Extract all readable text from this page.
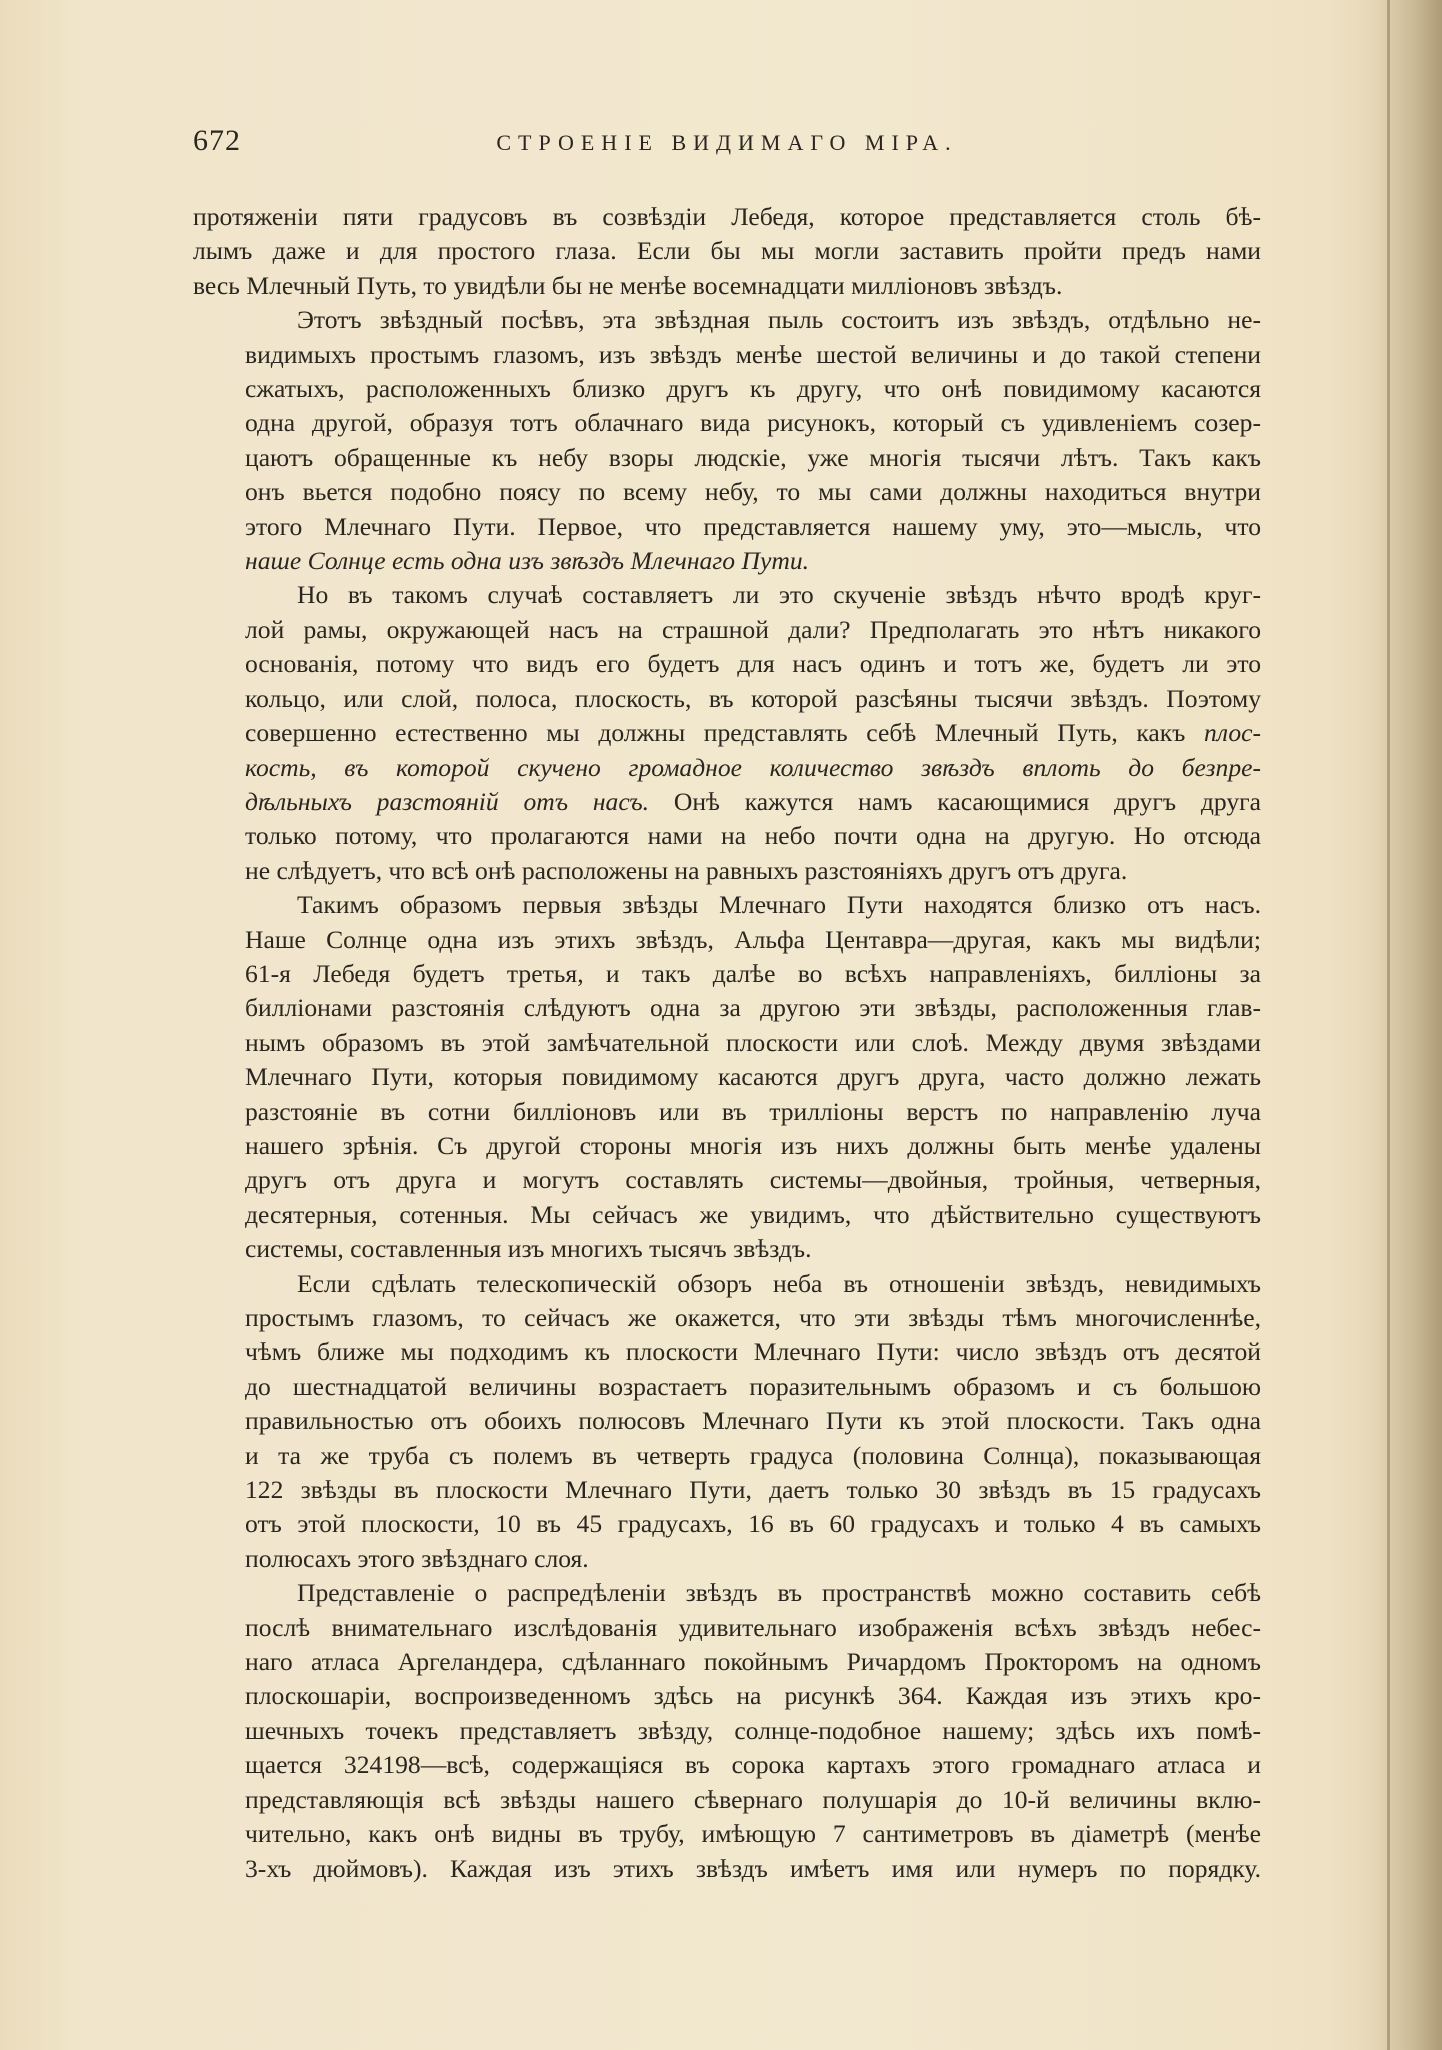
672	СТРОЕНІЕ ВИДИМАГО МІРА.
протяженіи пяти градусовъ въ созвѣздіи Лебедя, которое представляется столь бѣ-
лымъ даже и для простого глаза. Если бы мы могли заставить пройти предъ нами
весь Млечный Путь, то увидѣли бы не менѣе восемнадцати милліоновъ звѣздъ.
Этотъ звѣздный посѣвъ, эта звѣздная пыль состоитъ изъ звѣздъ, отдѣльно не-
видимыхъ простымъ глазомъ, изъ звѣздъ менѣе шестой величины и до такой степени
сжатыхъ, расположенныхъ близко другъ къ другу, что онѣ повидимому касаются
одна другой, образуя тотъ облачнаго вида рисунокъ, который съ удивленіемъ созер-
цаютъ обращенные къ небу взоры людскіе, уже многія тысячи лѣтъ. Такъ какъ
онъ вьется подобно поясу по всему небу, то мы сами должны находиться внутри
этого Млечнаго Пути. Первое, что представляется нашему уму, это—мысль, что
наше Солнце есть одна изъ звѣздъ Млечнаго Пути.
Но въ такомъ случаѣ составляетъ ли это скученіе звѣздъ нѣчто вродѣ круг-
лой рамы, окружающей насъ на страшной дали? Предполагать это нѣтъ никакого
основанія, потому что видъ его будетъ для насъ одинъ и тотъ же, будетъ ли это
кольцо, или слой, полоса, плоскость, въ которой разсѣяны тысячи звѣздъ. Поэтому
совершенно естественно мы должны представлять себѣ Млечный Путь, какъ плос-
кость, въ которой скучено громадное количество звѣздъ вплоть до безпре-
дѣльныхъ разстояній отъ насъ. Онѣ кажутся намъ касающимися другъ друга
только потому, что пролагаются нами на небо почти одна на другую. Но отсюда
не слѣдуетъ, что всѣ онѣ расположены на равныхъ разстояніяхъ другъ отъ друга.
Такимъ образомъ первыя звѣзды Млечнаго Пути находятся близко отъ насъ.
Наше Солнце одна изъ этихъ звѣздъ, Альфа Центавра—другая, какъ мы видѣли;
61-я Лебедя будетъ третья, и такъ далѣе во всѣхъ направленіяхъ, билліоны за
билліонами разстоянія слѣдуютъ одна за другою эти звѣзды, расположенныя глав-
нымъ образомъ въ этой замѣчательной плоскости или слоѣ. Между двумя звѣздами
Млечнаго Пути, которыя повидимому касаются другъ друга, часто должно лежать
разстояніе въ сотни билліоновъ или въ трилліоны верстъ по направленію луча
нашего зрѣнія. Съ другой стороны многія изъ нихъ должны быть менѣе удалены
другъ отъ друга и могутъ составлять системы—двойныя, тройныя, четверныя,
десятерныя, сотенныя. Мы сейчасъ же увидимъ, что дѣйствительно существуютъ
системы, составленныя изъ многихъ тысячъ звѣздъ.
Если сдѣлать телескопическій обзоръ неба въ отношеніи звѣздъ, невидимыхъ
простымъ глазомъ, то сейчасъ же окажется, что эти звѣзды тѣмъ многочисленнѣе,
чѣмъ ближе мы подходимъ къ плоскости Млечнаго Пути: число звѣздъ отъ десятой
до шестнадцатой величины возрастаетъ поразительнымъ образомъ и съ большою
правильностью отъ обоихъ полюсовъ Млечнаго Пути къ этой плоскости. Такъ одна
и та же труба съ полемъ въ четверть градуса (половина Солнца), показывающая
122 звѣзды въ плоскости Млечнаго Пути, даетъ только 30 звѣздъ въ 15 градусахъ
отъ этой плоскости, 10 въ 45 градусахъ, 16 въ 60 градусахъ и только 4 въ самыхъ
полюсахъ этого звѣзднаго слоя.
Представленіе о распредѣленіи звѣздъ въ пространствѣ можно составить себѣ
послѣ внимательнаго изслѣдованія удивительнаго изображенія всѣхъ звѣздъ небес-
наго атласа Аргеландера, сдѣланнаго покойнымъ Ричардомъ Прокторомъ на одномъ
плоскошаріи, воспроизведенномъ здѣсь на рисункѣ 364. Каждая изъ этихъ кро-
шечныхъ точекъ представляетъ звѣзду, солнце-подобное нашему; здѣсь ихъ помѣ-
щается 324198—всѣ, содержащіяся въ сорока картахъ этого громаднаго атласа и
представляющія всѣ звѣзды нашего сѣвернаго полушарія до 10-й величины вклю-
чительно, какъ онѣ видны въ трубу, имѣющую 7 сантиметровъ въ діаметрѣ (менѣе
3-хъ дюймовъ). Каждая изъ этихъ звѣздъ имѣетъ имя или нумеръ по порядку.
